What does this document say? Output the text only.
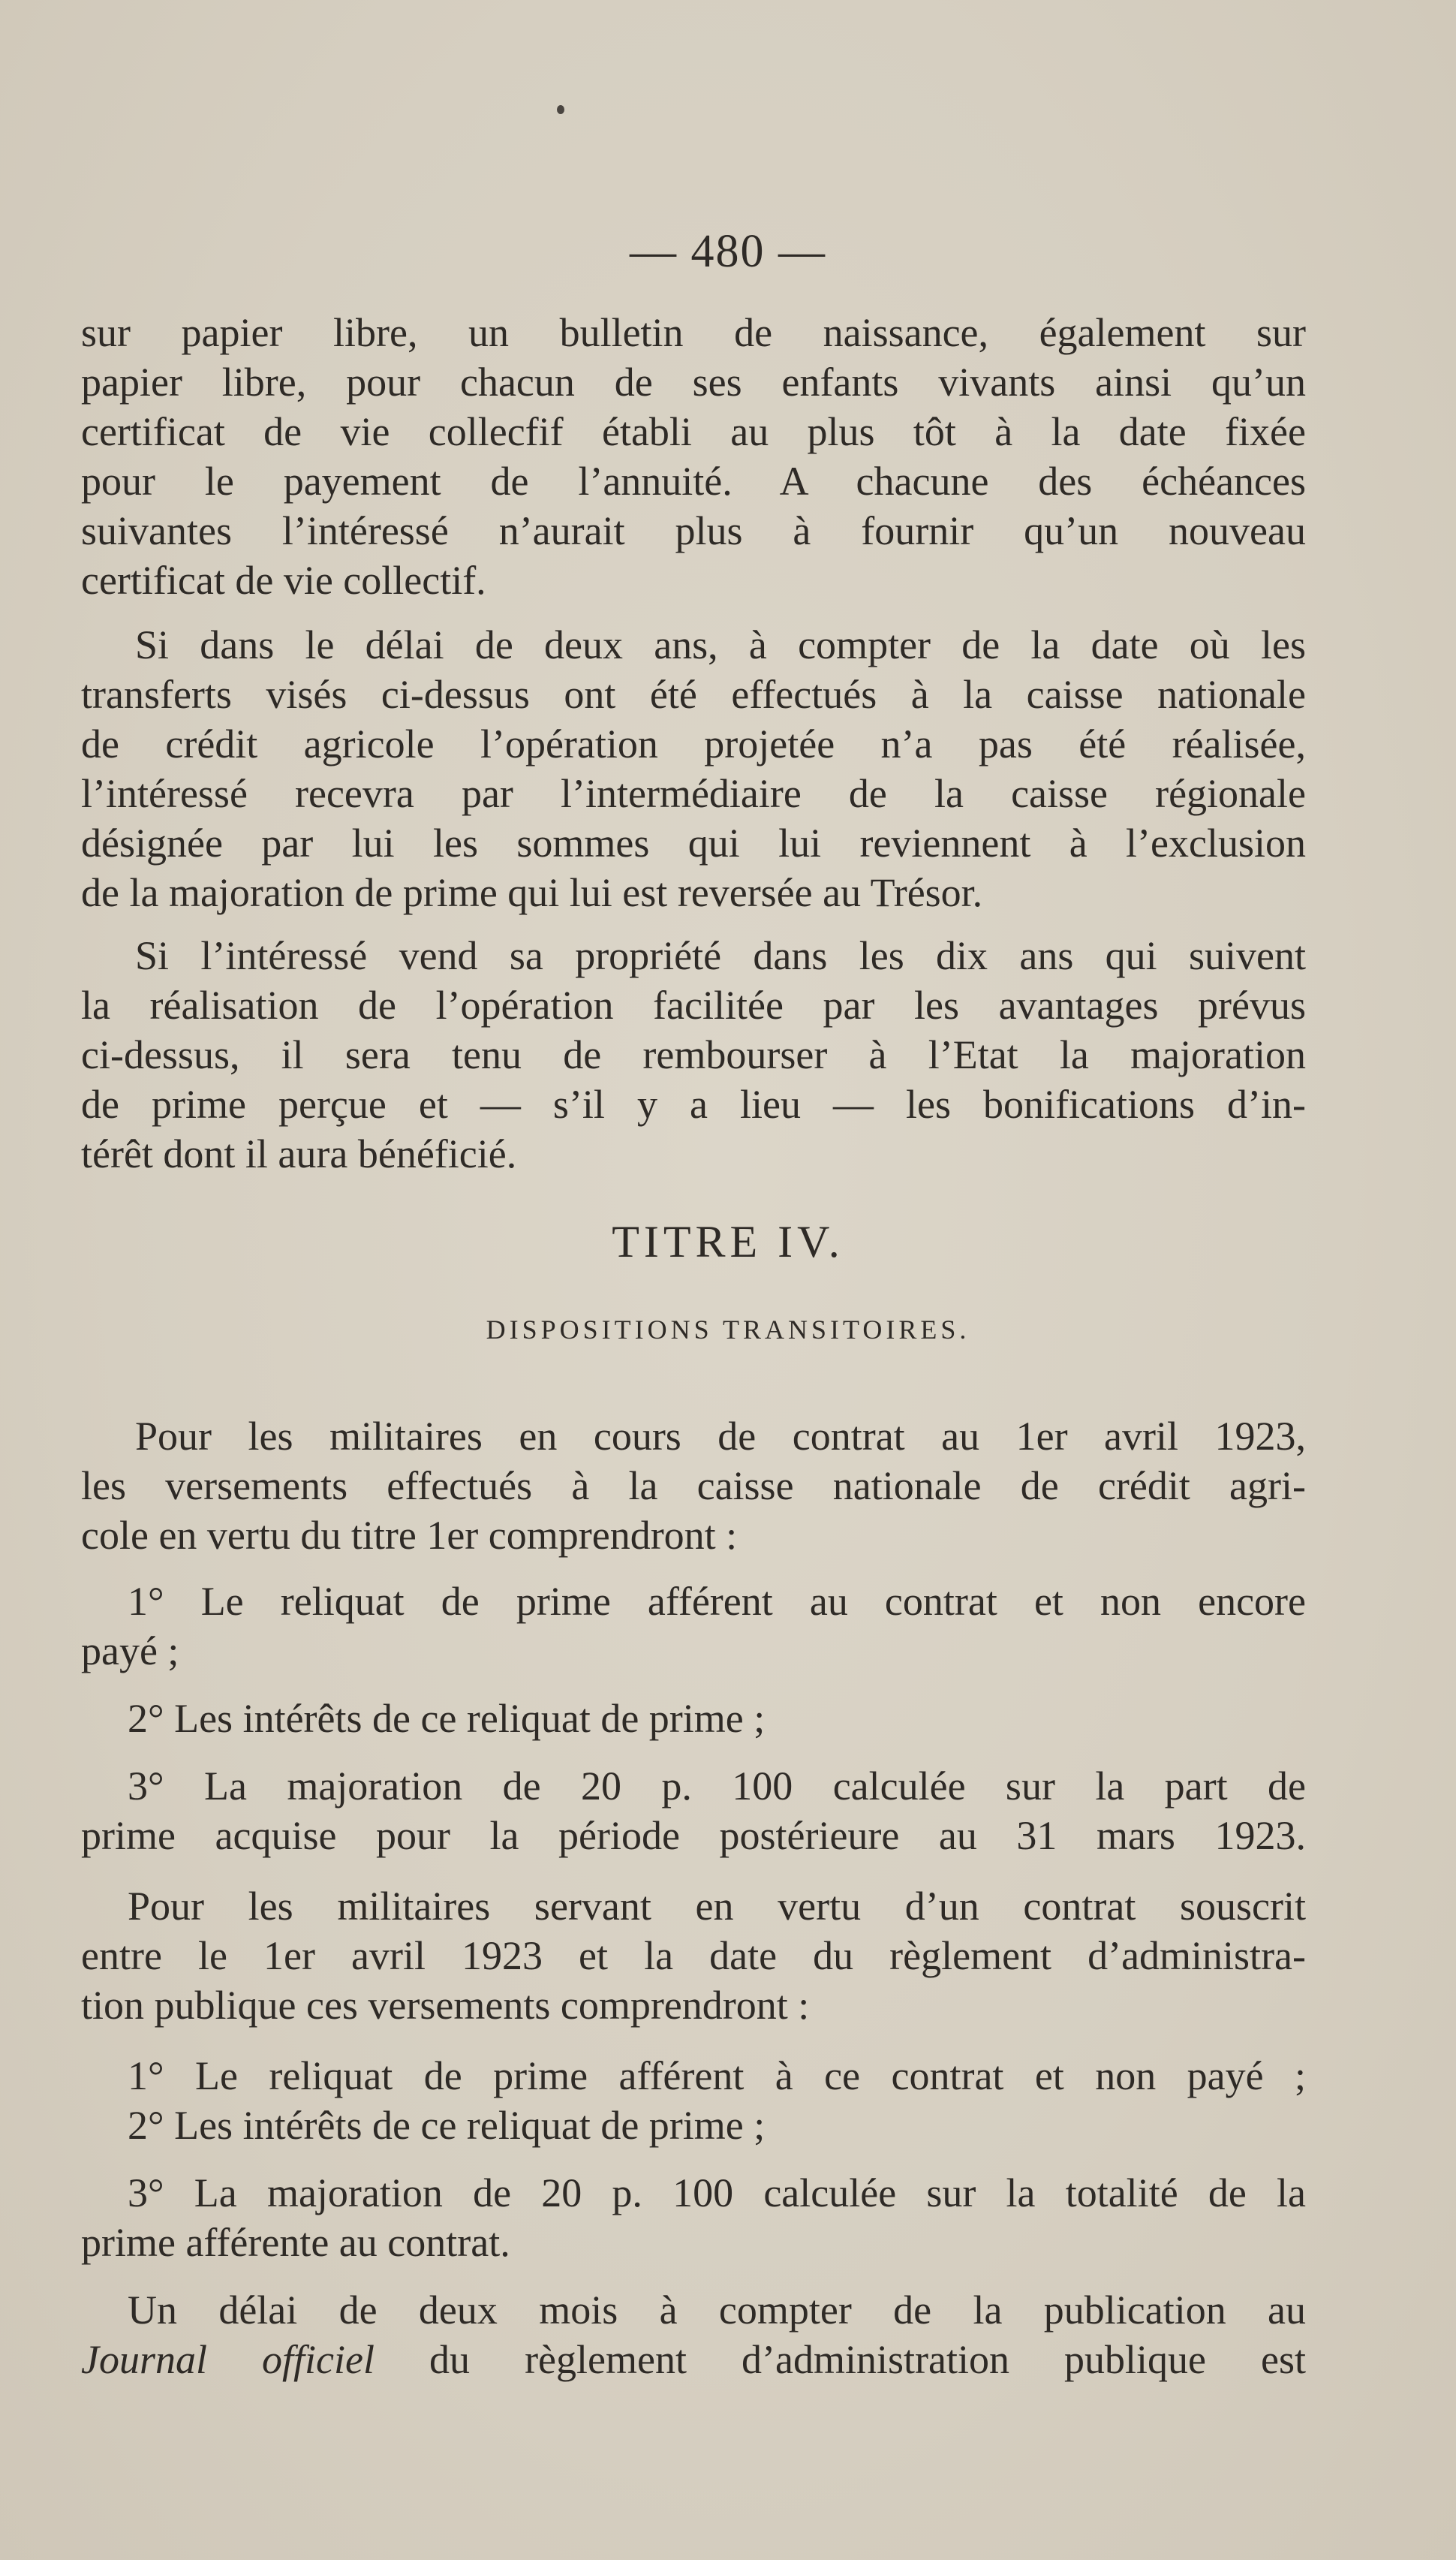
— 480 —
sur papier libre, un bulletin de naissance, également sur
papier libre, pour chacun de ses enfants vivants ainsi qu’un
certificat de vie collecfif établi au plus tôt à la date fixée
pour le payement de l’annuité. A chacune des échéances
suivantes l’intéressé n’aurait plus à fournir qu’un nouveau
certificat de vie collectif.
Si dans le délai de deux ans, à compter de la date où les
transferts visés ci-dessus ont été effectués à la caisse nationale
de crédit agricole l’opération projetée n’a pas été réalisée,
l’intéressé recevra par l’intermédiaire de la caisse régionale
désignée par lui les sommes qui lui reviennent à l’exclusion
de la majoration de prime qui lui est reversée au Trésor.
Si l’intéressé vend sa propriété dans les dix ans qui suivent
la réalisation de l’opération facilitée par les avantages prévus
ci-dessus, il sera tenu de rembourser à l’Etat la majoration
de prime perçue et — s’il y a lieu — les bonifications d’in-
térêt dont il aura bénéficié.
TITRE IV.
DISPOSITIONS TRANSITOIRES.
Pour les militaires en cours de contrat au 1er avril 1923,
les versements effectués à la caisse nationale de crédit agri-
cole en vertu du titre 1er comprendront :
1° Le reliquat de prime afférent au contrat et non encore
payé ;
2° Les intérêts de ce reliquat de prime ;
3° La majoration de 20 p. 100 calculée sur la part de
prime acquise pour la période postérieure au 31 mars 1923.
Pour les militaires servant en vertu d’un contrat souscrit
entre le 1er avril 1923 et la date du règlement d’administra-
tion publique ces versements comprendront :
1° Le reliquat de prime afférent à ce contrat et non payé ;
2° Les intérêts de ce reliquat de prime ;
3° La majoration de 20 p. 100 calculée sur la totalité de la
prime afférente au contrat.
Un délai de deux mois à compter de la publication au
Journal officiel du règlement d’administration publique est
